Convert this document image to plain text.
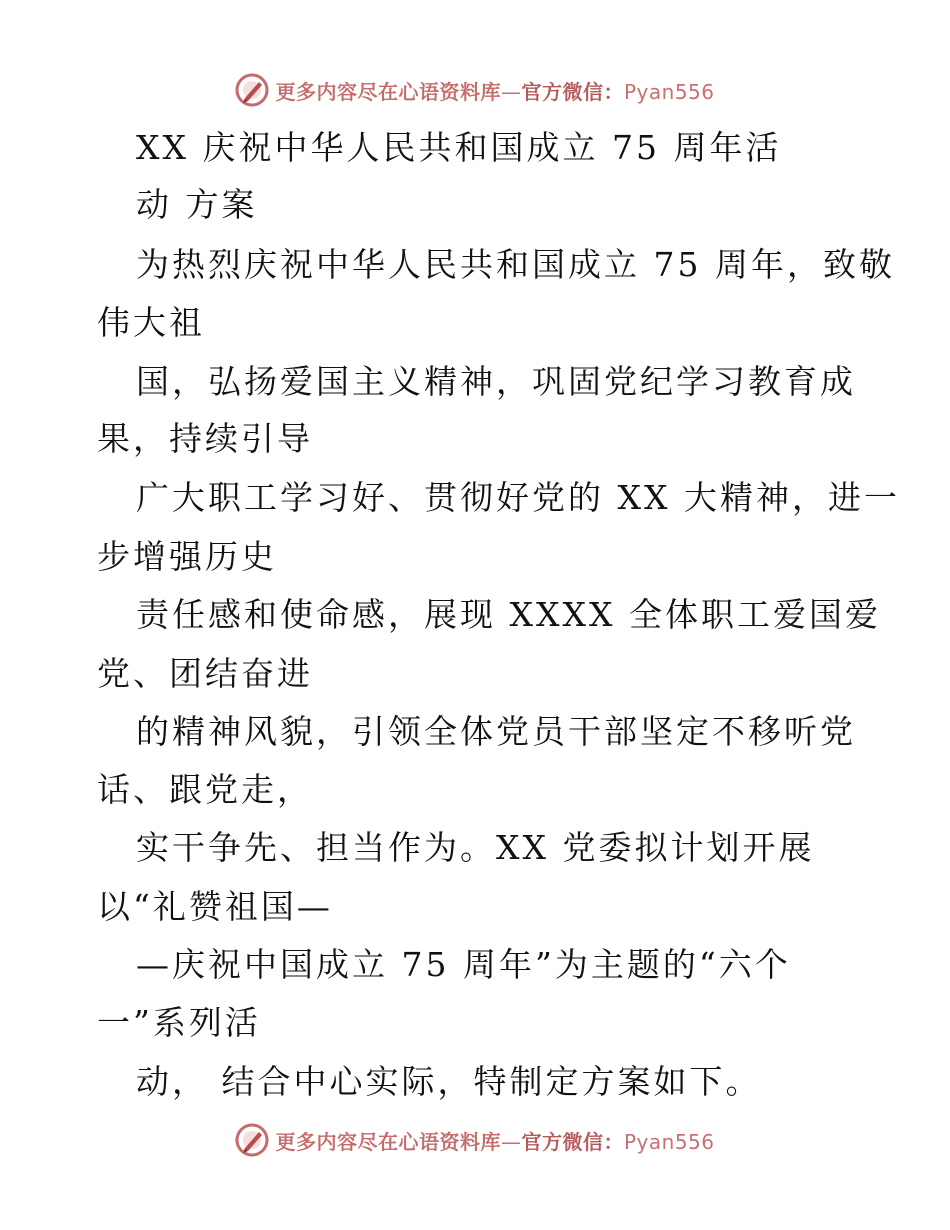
更多内容尽在心语资料库—官方微信：Pyan556
XX 庆祝中华人民共和国成立 75 周年活
动 方案
为热烈庆祝中华人民共和国成立 75 周年，致敬
伟大祖
国，弘扬爱国主义精神，巩固党纪学习教育成
果，持续引导
广大职工学习好、贯彻好党的 XX 大精神，进一
步增强历史
责任感和使命感，展现 XXXX 全体职工爱国爱
党、团结奋进
的精神风貌，引领全体党员干部坚定不移听党
话、跟党走，
实干争先、担当作为。XX 党委拟计划开展
以“礼赞祖国—
—庆祝中国成立 75 周年”为主题的“六个
一”系列活
动， 结合中心实际，特制定方案如下。
更多内容尽在心语资料库—官方微信：Pyan556
